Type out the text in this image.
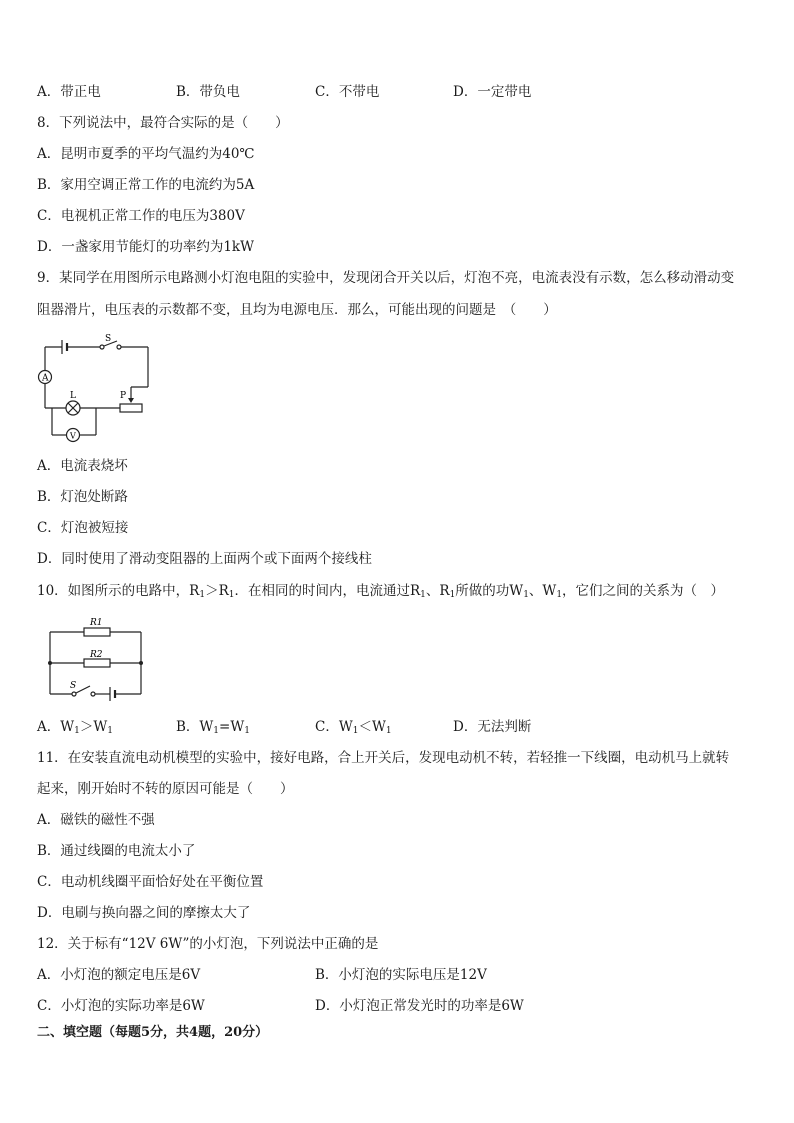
A．带正电	B．带负电	C．不带电	D．一定带电
8．下列说法中，最符合实际的是（　　）
A．昆明市夏季的平均气温约为40℃
B．家用空调正常工作的电流约为5A
C．电视机正常工作的电压为380V
D．一盏家用节能灯的功率约为1kW
9．某同学在用图所示电路测小灯泡电阻的实验中，发现闭合开关以后，灯泡不亮，电流表没有示数，怎么移动滑动变
阻器滑片，电压表的示数都不变，且均为电源电压．那么，可能出现的问题是　（　　）
S
A
L	P
V
A．电流表烧坏
B．灯泡处断路
C．灯泡被短接
D．同时使用了滑动变阻器的上面两个或下面两个接线柱
10．如图所示的电路中，$R_1>R_1$．在相同的时间内，电流通过$R_1$、$R_1$所做的功$W_1$、$W_1$，它们之间的关系为（　）
R1
R2
S
A．$W_1>W_1$	B．$W_1=W_1$	C．$W_1<W_1$	D．无法判断
11．在安装直流电动机模型的实验中，接好电路，合上开关后，发现电动机不转，若轻推一下线圈，电动机马上就转
起来，刚开始时不转的原因可能是（　　）
A．磁铁的磁性不强
B．通过线圈的电流太小了
C．电动机线圈平面恰好处在平衡位置
D．电刷与换向器之间的摩擦太大了
12．关于标有“12V 6W”的小灯泡，下列说法中正确的是
A．小灯泡的额定电压是6V	B．小灯泡的实际电压是12V
C．小灯泡的实际功率是6W	D．小灯泡正常发光时的功率是6W
二、填空题（每题5分，共4题，20分）
